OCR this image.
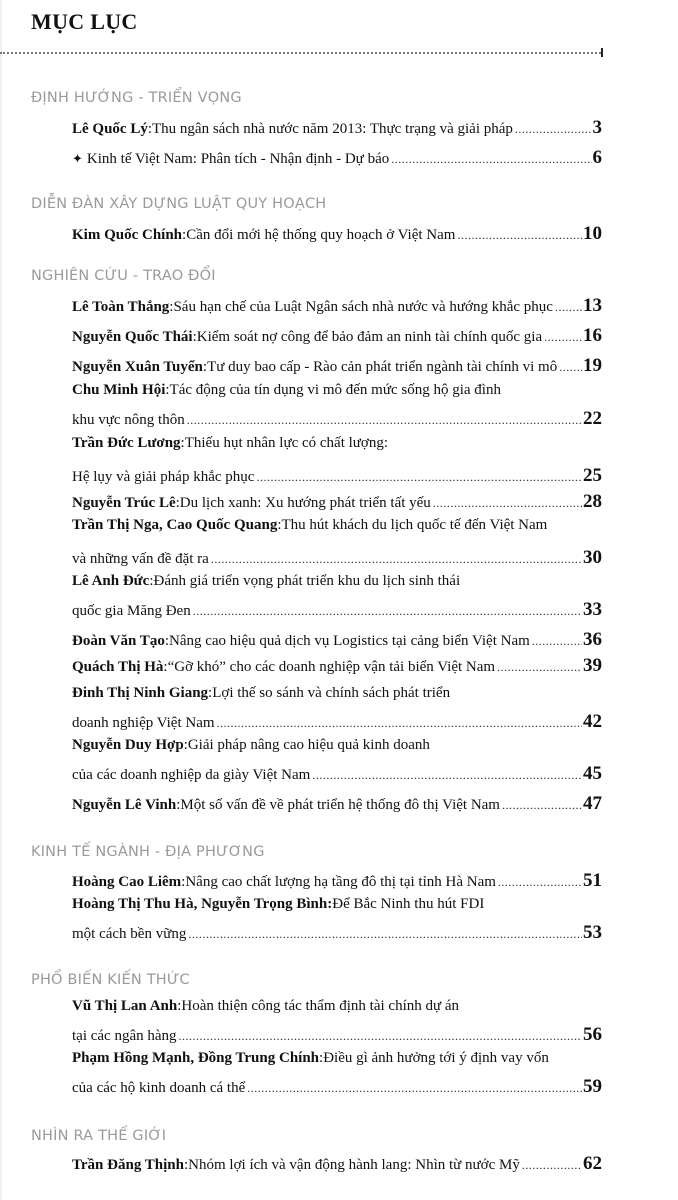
MỤC LỤC
ĐỊNH HƯỚNG - TRIỂN VỌNG
Lê Quốc Lý : Thu ngân sách nhà nước năm 2013: Thực trạng và giải pháp .....	3
✦ Kinh tế Việt Nam: Phân tích - Nhận định - Dự báo .....	6
DIỄN ĐÀN XÂY DỰNG LUẬT QUY HOẠCH
Kim Quốc Chính : Cần đổi mới hệ thống quy hoạch ở Việt Nam .....	10
NGHIÊN CỨU - TRAO ĐỔI
Lê Toàn Thắng : Sáu hạn chế của Luật Ngân sách nhà nước và hướng khắc phục ..... 13
Nguyễn Quốc Thái : Kiểm soát nợ công để bảo đảm an ninh tài chính quốc gia ..... 16
Nguyễn Xuân Tuyển : Tư duy bao cấp - Rào cản phát triển ngành tài chính vi mô ..... 19
Chu Minh Hội : Tác động của tín dụng vi mô đến mức sống hộ gia đình
khu vực nông thôn .....	22
Trần Đức Lương : Thiếu hụt nhân lực có chất lượng:
Hệ lụy và giải pháp khắc phục .....	25
Nguyễn Trúc Lê : Du lịch xanh: Xu hướng phát triển tất yếu .....	28
Trần Thị Nga, Cao Quốc Quang : Thu hút khách du lịch quốc tế đến Việt Nam
và những vấn đề đặt ra .....	30
Lê Anh Đức : Đánh giá triển vọng phát triển khu du lịch sinh thái
quốc gia Măng Đen .....	33
Đoàn Văn Tạo : Nâng cao hiệu quả dịch vụ Logistics tại cảng biển Việt Nam .....	36
Quách Thị Hà : “Gỡ khó” cho các doanh nghiệp vận tải biển Việt Nam .....	39
Đinh Thị Ninh Giang : Lợi thế so sánh và chính sách phát triển
doanh nghiệp Việt Nam .....	42
Nguyễn Duy Hợp : Giải pháp nâng cao hiệu quả kinh doanh
của các doanh nghiệp da giày Việt Nam .....	45
Nguyễn Lê Vinh : Một số vấn đề về phát triển hệ thống đô thị Việt Nam .....	47
KINH TẾ NGÀNH - ĐỊA PHƯƠNG
Hoàng Cao Liêm : Nâng cao chất lượng hạ tầng đô thị tại tỉnh Hà Nam .....	51
Hoàng Thị Thu Hà, Nguyễn Trọng Bình: Để Bắc Ninh thu hút FDI
một cách bền vững .....	53
PHỔ BIẾN KIẾN THỨC
Vũ Thị Lan Anh : Hoàn thiện công tác thẩm định tài chính dự án
tại các ngân hàng .....	56
Phạm Hồng Mạnh, Đồng Trung Chính : Điều gì ảnh hưởng tới ý định vay vốn
của các hộ kinh doanh cá thể .....	59
NHÌN RA THẾ GIỚI
Trần Đăng Thịnh : Nhóm lợi ích và vận động hành lang: Nhìn từ nước Mỹ .....	62
